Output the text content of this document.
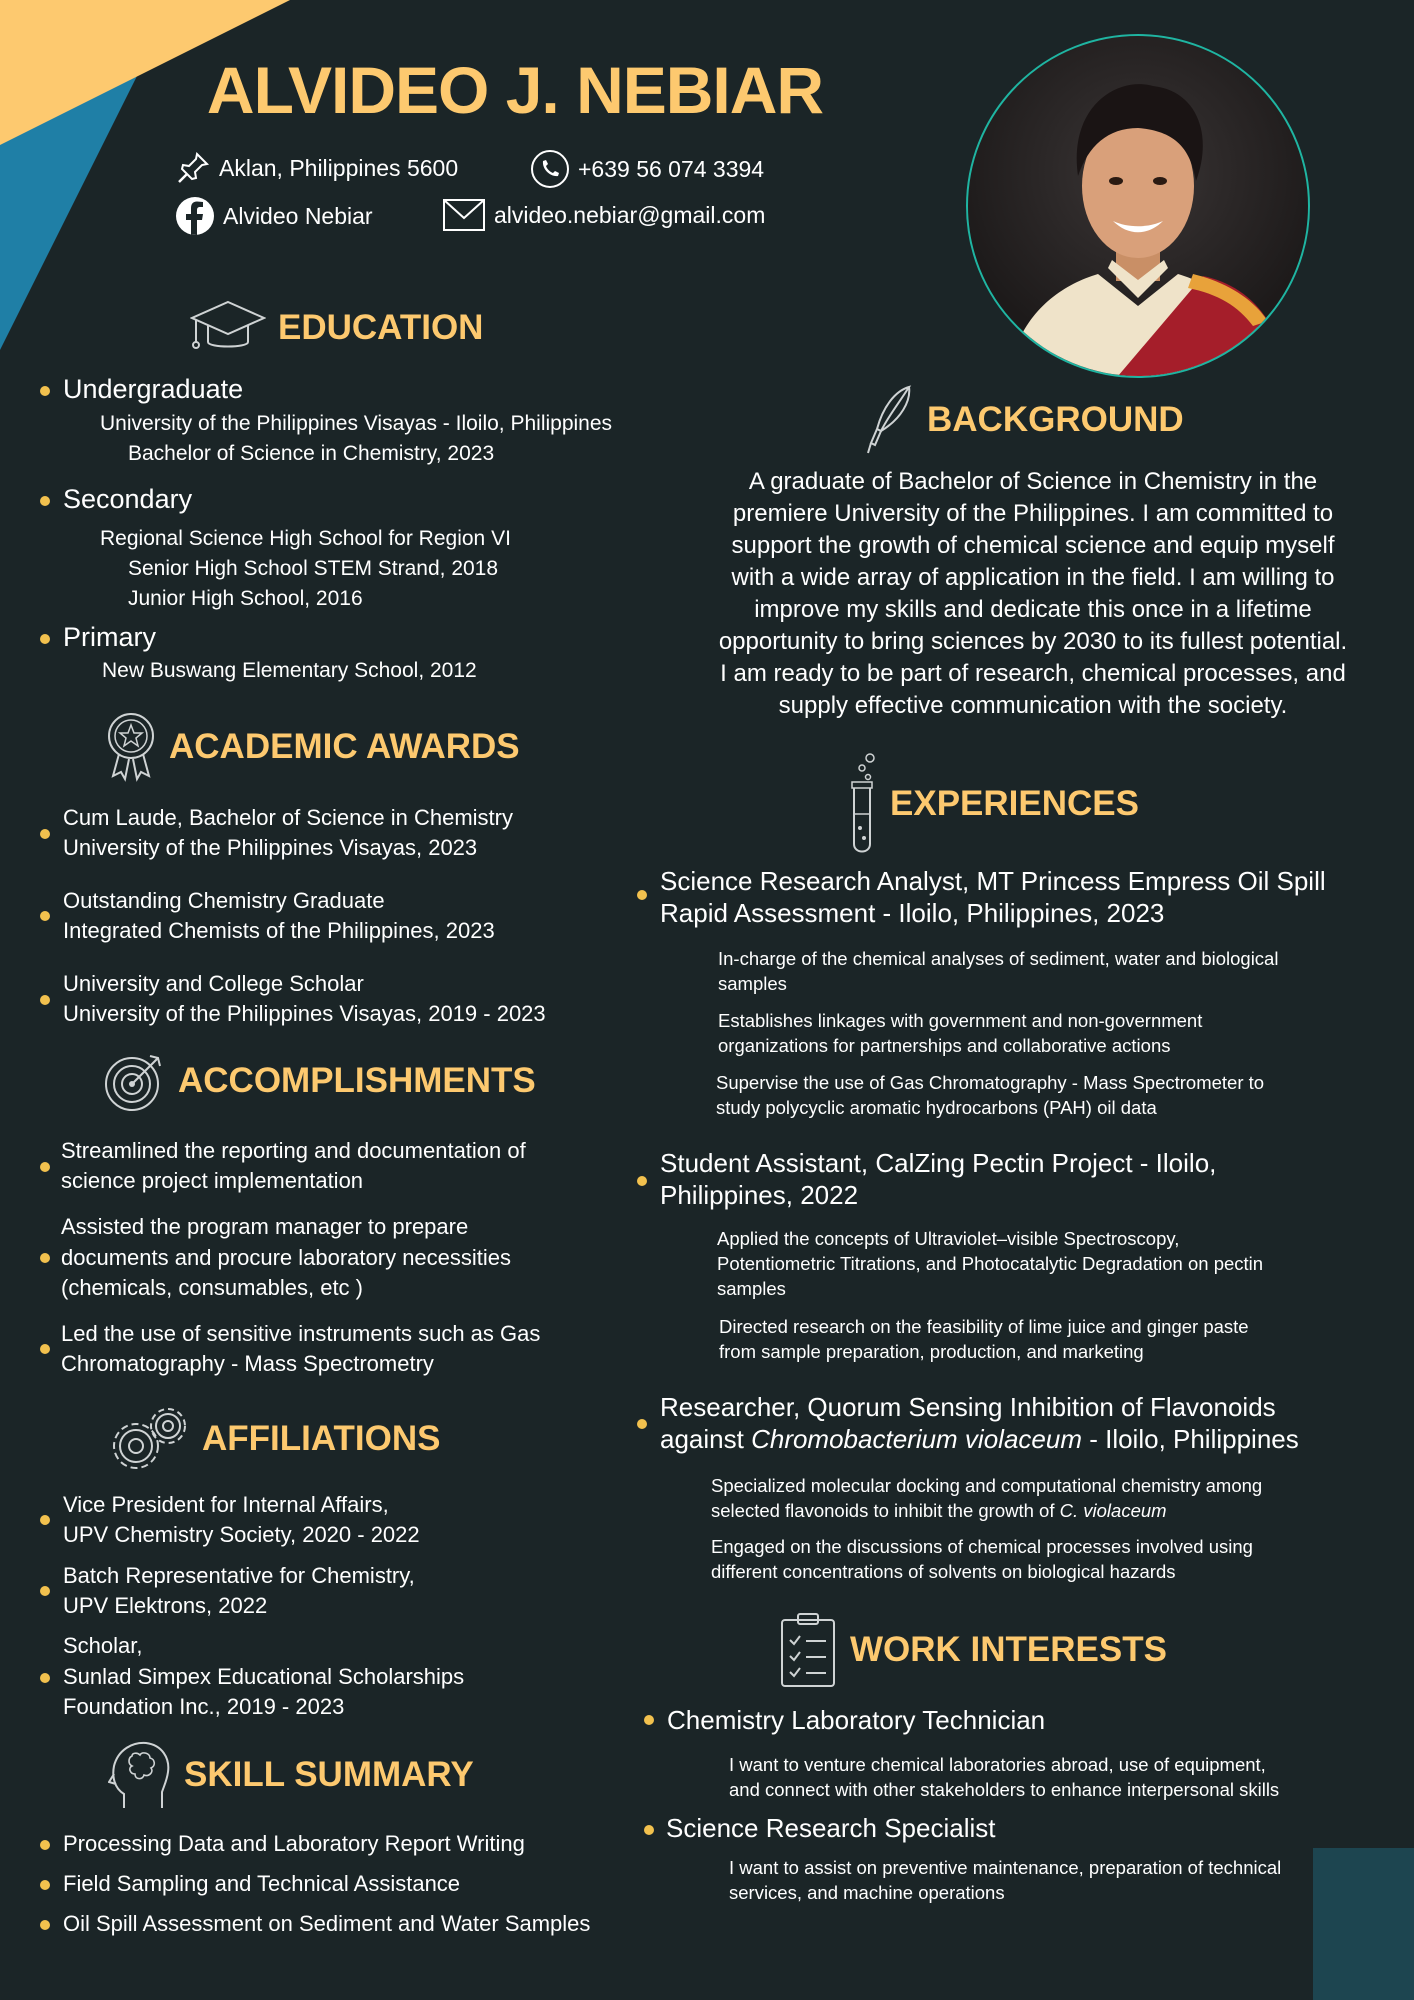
ALVIDEO J. NEBIAR
Aklan, Philippines 5600	+639 56 074 3394
Alvideo Nebiar	alvideo.nebiar@gmail.com
EDUCATION
Undergraduate
University of the Philippines Visayas - Iloilo, Philippines
Bachelor of Science in Chemistry, 2023
Secondary
Regional Science High School for Region VI
Senior High School STEM Strand, 2018
Junior High School, 2016
Primary
New Buswang Elementary School, 2012
ACADEMIC AWARDS
Cum Laude, Bachelor of Science in Chemistry
University of the Philippines Visayas, 2023
Outstanding Chemistry Graduate
Integrated Chemists of the Philippines, 2023
University and College Scholar
University of the Philippines Visayas, 2019 - 2023
ACCOMPLISHMENTS
Streamlined the reporting and documentation of
science project implementation
Assisted the program manager to prepare
documents and procure laboratory necessities
(chemicals, consumables, etc )
Led the use of sensitive instruments such as Gas
Chromatography - Mass Spectrometry
AFFILIATIONS
Vice President for Internal Affairs,
UPV Chemistry Society, 2020 - 2022
Batch Representative for Chemistry,
UPV Elektrons, 2022
Scholar,
Sunlad Simpex Educational Scholarships
Foundation Inc., 2019 - 2023
SKILL SUMMARY
Processing Data and Laboratory Report Writing
Field Sampling and Technical Assistance
Oil Spill Assessment on Sediment and Water Samples
BACKGROUND
A graduate of Bachelor of Science in Chemistry in the
premiere University of the Philippines. I am committed to
support the growth of chemical science and equip myself
with a wide array of application in the field. I am willing to
improve my skills and dedicate this once in a lifetime
opportunity to bring sciences by 2030 to its fullest potential.
I am ready to be part of research, chemical processes, and
supply effective communication with the society.
EXPERIENCES
Science Research Analyst, MT Princess Empress Oil Spill
Rapid Assessment - Iloilo, Philippines, 2023
In-charge of the chemical analyses of sediment, water and biological
samples
Establishes linkages with government and non-government
organizations for partnerships and collaborative actions
Supervise the use of Gas Chromatography - Mass Spectrometer to
study polycyclic aromatic hydrocarbons (PAH) oil data
Student Assistant, CalZing Pectin Project - Iloilo,
Philippines, 2022
Applied the concepts of Ultraviolet–visible Spectroscopy,
Potentiometric Titrations, and Photocatalytic Degradation on pectin
samples
Directed research on the feasibility of lime juice and ginger paste
from sample preparation, production, and marketing
Researcher, Quorum Sensing Inhibition of Flavonoids
against Chromobacterium violaceum - Iloilo, Philippines
Specialized molecular docking and computational chemistry among
selected flavonoids to inhibit the growth of C. violaceum
Engaged on the discussions of chemical processes involved using
different concentrations of solvents on biological hazards
WORK INTERESTS
Chemistry Laboratory Technician
I want to venture chemical laboratories abroad, use of equipment,
and connect with other stakeholders to enhance interpersonal skills
Science Research Specialist
I want to assist on preventive maintenance, preparation of technical
services, and machine operations
